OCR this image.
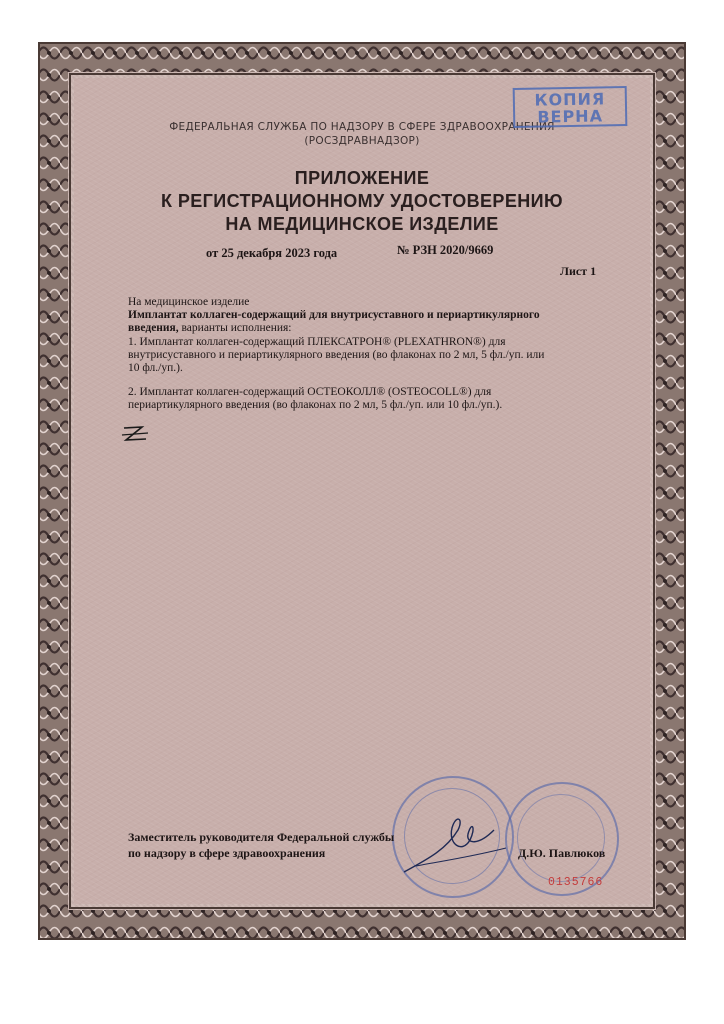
ФЕДЕРАЛЬНАЯ СЛУЖБА ПО НАДЗОРУ В СФЕРЕ ЗДРАВООХРАНЕНИЯ
(РОСЗДРАВНАДЗОР)
КОПИЯ
ВЕРНА
ПРИЛОЖЕНИЕ
К РЕГИСТРАЦИОННОМУ УДОСТОВЕРЕНИЮ
НА МЕДИЦИНСКОЕ ИЗДЕЛИЕ
от 25 декабря 2023 года	№ РЗН 2020/9669
Лист 1
На медицинское изделие
Имплантат коллаген-содержащий для внутрисуставного и периартикулярного
введения, варианты исполнения:
1. Имплантат коллаген-содержащий ПЛЕКСАТРОН® (PLEXATHRON®) для
внутрисуставного и периартикулярного введения (во флаконах по 2 мл, 5 фл./уп. или
10 фл./уп.).
2. Имплантат коллаген-содержащий ОСТЕОКОЛЛ® (OSTEOCOLL®) для
периартикулярного введения (во флаконах по 2 мл, 5 фл./уп. или 10 фл./уп.).
Заместитель руководителя Федеральной службы
по надзору в сфере здравоохранения	Д.Ю. Павлюков
0135766
